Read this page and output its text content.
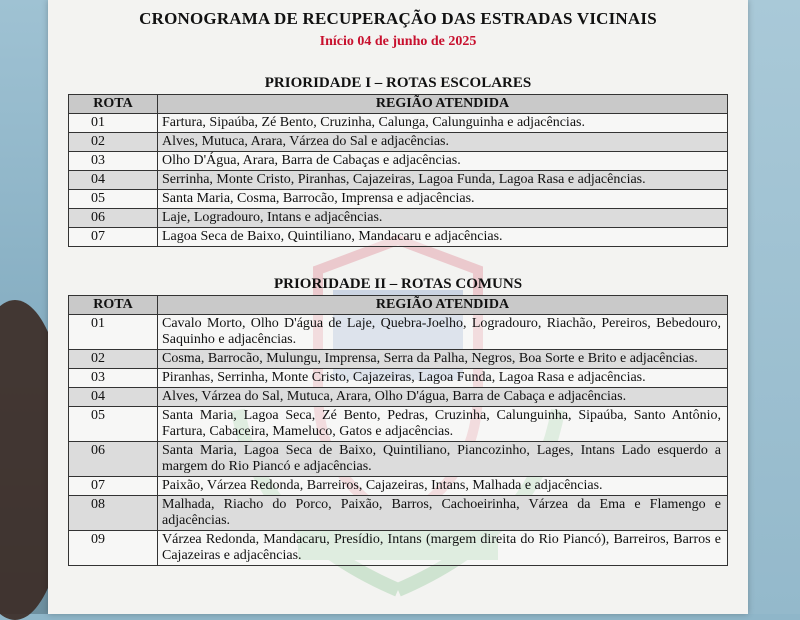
CRONOGRAMA DE RECUPERAÇÃO DAS ESTRADAS VICINAIS
Início 04 de junho de 2025
PRIORIDADE I – ROTAS ESCOLARES
ROTA	REGIÃO ATENDIDA
01	Fartura, Sipaúba, Zé Bento, Cruzinha, Calunga, Calunguinha e adjacências.
02	Alves, Mutuca, Arara, Várzea do Sal e adjacências.
03	Olho D'Água, Arara, Barra de Cabaças e adjacências.
04	Serrinha, Monte Cristo, Piranhas, Cajazeiras, Lagoa Funda, Lagoa Rasa e adjacências.
05	Santa Maria, Cosma, Barrocão, Imprensa e adjacências.
06	Laje, Logradouro, Intans e adjacências.
07	Lagoa Seca de Baixo, Quintiliano, Mandacaru e adjacências.
PRIORIDADE II – ROTAS COMUNS
ROTA	REGIÃO ATENDIDA
01	Cavalo Morto, Olho D'água de Laje, Quebra-Joelho, Logradouro, Riachão, Pereiros, Bebedouro, Saquinho e adjacências.
02	Cosma, Barrocão, Mulungu, Imprensa, Serra da Palha, Negros, Boa Sorte e Brito e adjacências.
03	Piranhas, Serrinha, Monte Cristo, Cajazeiras, Lagoa Funda, Lagoa Rasa e adjacências.
04	Alves, Várzea do Sal, Mutuca, Arara, Olho D'água, Barra de Cabaça e adjacências.
05	Santa Maria, Lagoa Seca, Zé Bento, Pedras, Cruzinha, Calunguinha, Sipaúba, Santo Antônio, Fartura, Cabaceira, Mameluco, Gatos e adjacências.
06	Santa Maria, Lagoa Seca de Baixo, Quintiliano, Piancozinho, Lages, Intans Lado esquerdo a margem do Rio Piancó e adjacências.
07	Paixão, Várzea Redonda, Barreiros, Cajazeiras, Intans, Malhada e adjacências.
08	Malhada, Riacho do Porco, Paixão, Barros, Cachoeirinha, Várzea da Ema e Flamengo e adjacências.
09	Várzea Redonda, Mandacaru, Presídio, Intans (margem direita do Rio Piancó), Barreiros, Barros e Cajazeiras e adjacências.
